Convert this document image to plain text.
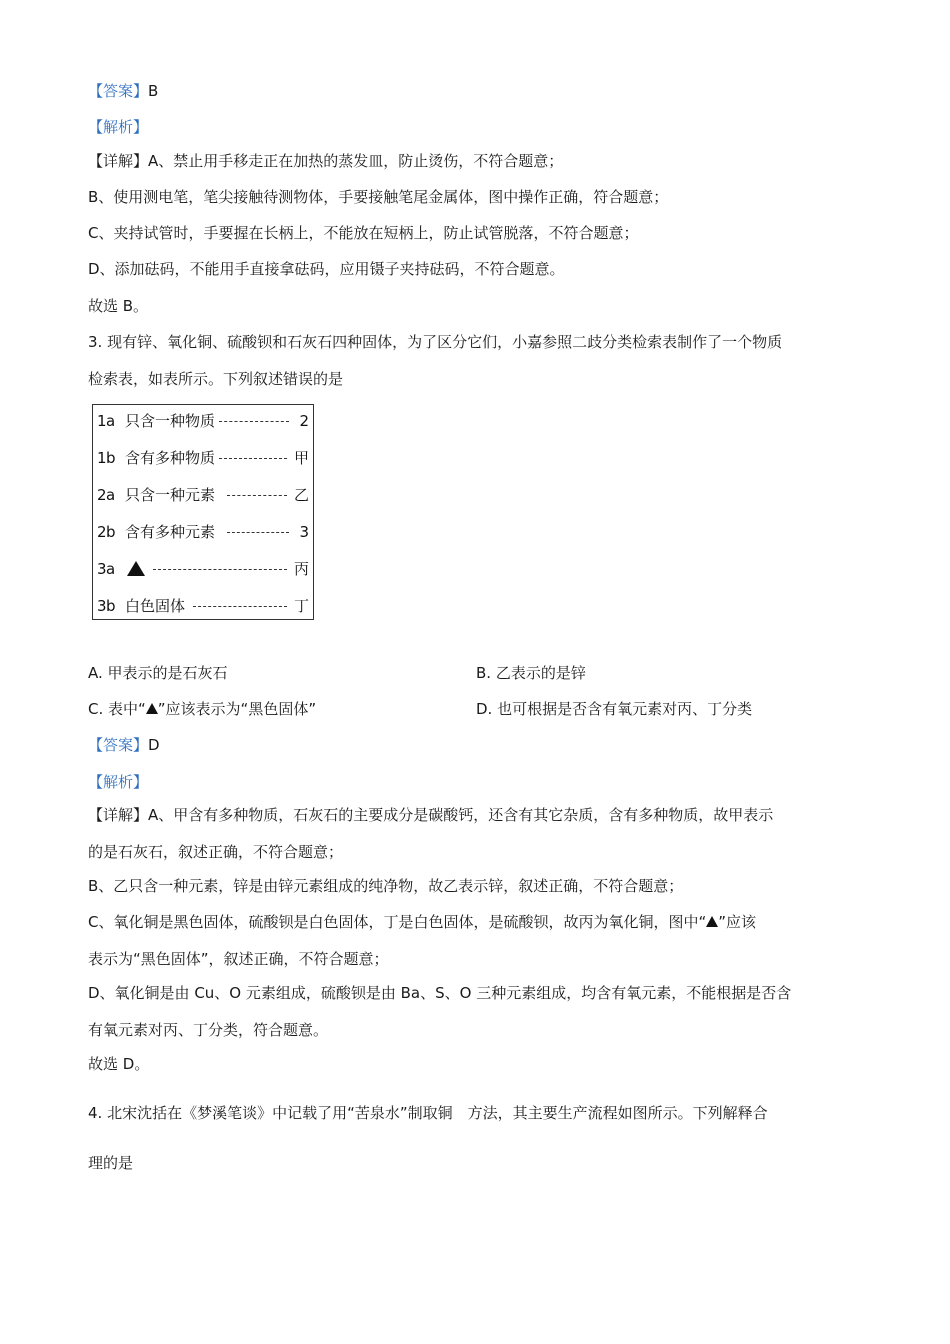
【答案】B
【解析】
【详解】A、禁止用手移走正在加热的蒸发皿，防止烫伤，不符合题意；
B、使用测电笔，笔尖接触待测物体，手要接触笔尾金属体，图中操作正确，符合题意；
C、夹持试管时，手要握在长柄上，不能放在短柄上，防止试管脱落，不符合题意；
D、添加砝码，不能用手直接拿砝码，应用镊子夹持砝码，不符合题意。
故选 B。
3. 现有锌、氧化铜、硫酸钡和石灰石四种固体，为了区分它们，小嘉参照二歧分类检索表制作了一个物质
检索表，如表所示。下列叙述错误的是
1a 只含一种物质	2
1b 含有多种物质	甲
2a 只含一种元素	乙
2b 含有多种元素	3
3a	丙
3b 白色固体	丁
A. 甲表示的是石灰石	B. 乙表示的是锌
C. 表中“ ”应该表示为“黑色固体”	D. 也可根据是否含有氧元素对丙、丁分类
【答案】D
【解析】
【详解】A、甲含有多种物质，石灰石的主要成分是碳酸钙，还含有其它杂质，含有多种物质，故甲表示
的是石灰石，叙述正确，不符合题意；
B、乙只含一种元素，锌是由锌元素组成的纯净物，故乙表示锌，叙述正确，不符合题意；
C、氧化铜是黑色固体，硫酸钡是白色固体，丁是白色固体，是硫酸钡，故丙为氧化铜，图中“ ”应该
表示为“黑色固体”，叙述正确，不符合题意；
D、氧化铜是由 Cu、O 元素组成，硫酸钡是由 Ba、S、O 三种元素组成，均含有氧元素，不能根据是否含
有氧元素对丙、丁分类，符合题意。
故选 D。
4. 北宋沈括在《梦溪笔谈》中记载了用“苦泉水”制取铜　方法，其主要生产流程如图所示。下列解释合
理的是
